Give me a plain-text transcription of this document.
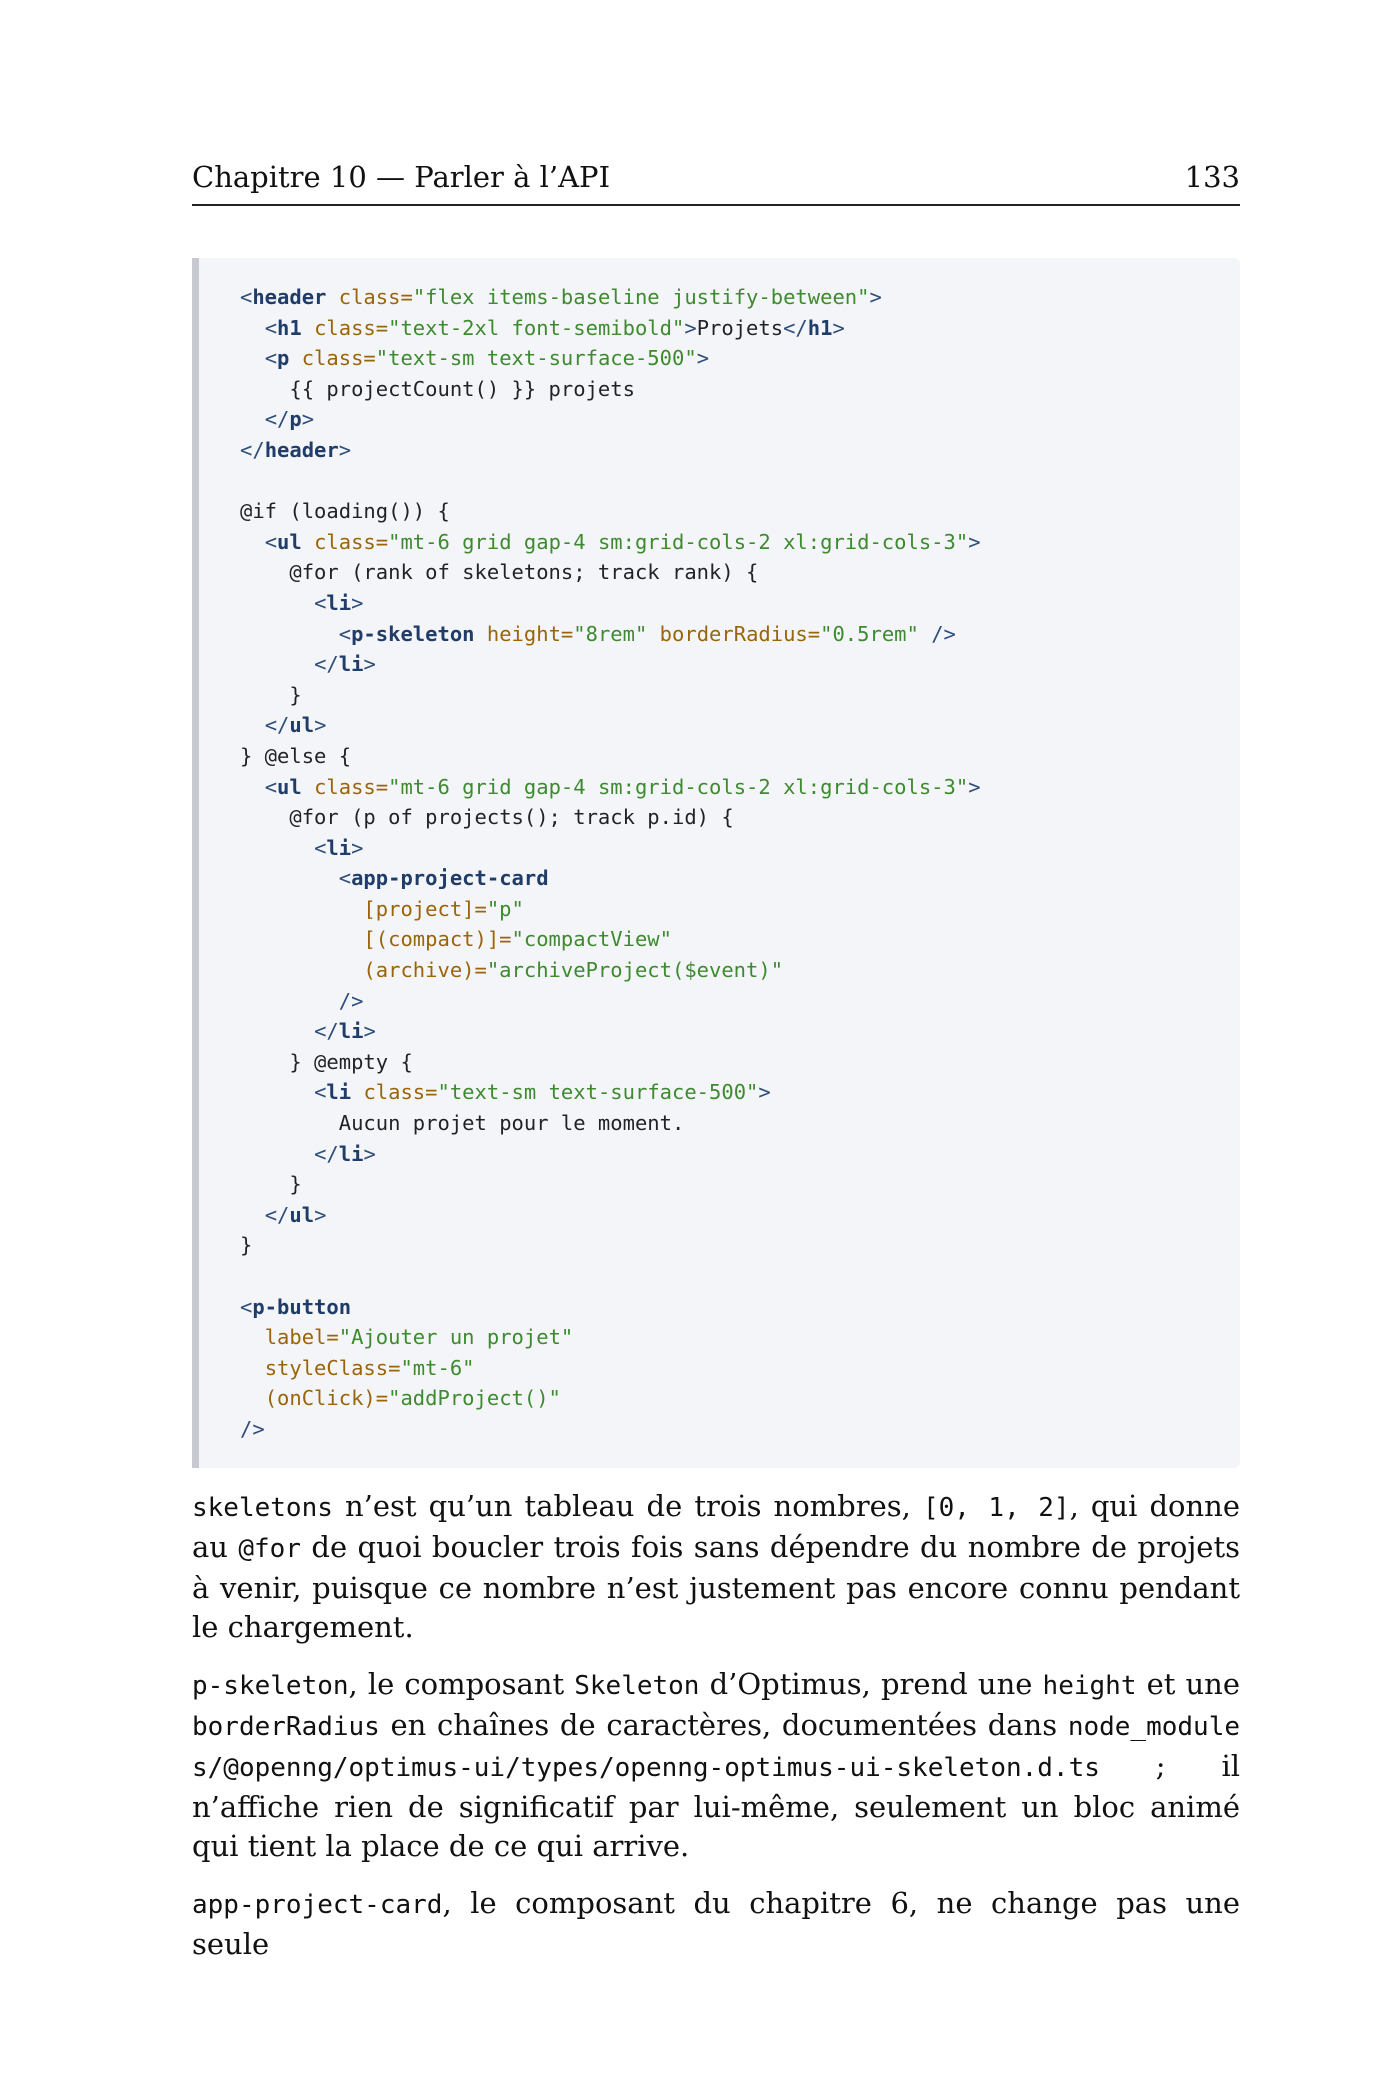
Chapitre 10 — Parler à l’API	133
<header class="flex items-baseline justify-between">
<h1 class="text-2xl font-semibold">Projets</h1>
<p class="text-sm text-surface-500">
{{ projectCount() }} projets
</p>
</header>

@if (loading()) {
<ul class="mt-6 grid gap-4 sm:grid-cols-2 xl:grid-cols-3">
@for (rank of skeletons; track rank) {
<li>
<p-skeleton height="8rem" borderRadius="0.5rem" />
</li>
}
</ul>
} @else {
<ul class="mt-6 grid gap-4 sm:grid-cols-2 xl:grid-cols-3">
@for (p of projects(); track p.id) {
<li>
<app-project-card
[project]="p"
[(compact)]="compactView"
(archive)="archiveProject($event)"
/>
</li>
} @empty {
<li class="text-sm text-surface-500">
Aucun projet pour le moment.
</li>
}
</ul>
}

<p-button
label="Ajouter un projet"
styleClass="mt-6"
(onClick)="addProject()"
/>

skeletons n’est qu’un tableau de trois nombres, [0, 1, 2], qui donne au @for de quoi boucler trois fois sans dépendre du nombre de projets à venir, puisque ce nombre n’est justement pas encore connu pendant le chargement.

p-skeleton, le composant Skeleton d’Optimus, prend une height et une borderRadius en chaînes de caractères, documentées dans node_modules/@openng/optimus-ui/types/openng-optimus-ui-skeleton.d.ts ; il n’affiche rien de significatif par lui-même, seulement un bloc animé qui tient la place de ce qui arrive.

app-project-card, le composant du chapitre 6, ne change pas une seule
